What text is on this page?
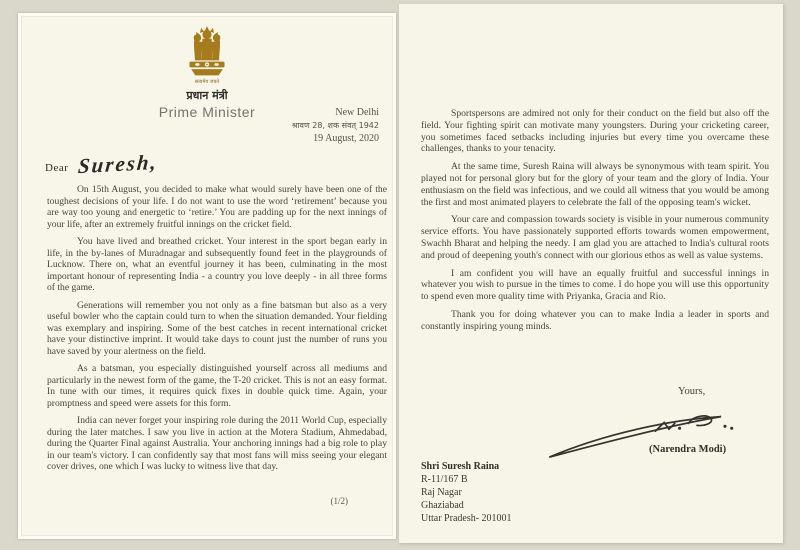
सत्यमेव जयते
प्रधान मंत्री
Prime Minister	New Delhi
श्रावण 28, शक संवत् 1942
19 August, 2020
Dear Suresh,

On 15th August, you decided to make what would surely have been one of the toughest decisions of your life. I do not want to use the word ‘retirement’ because you are way too young and energetic to ‘retire.’ You are padding up for the next innings of your life, after an extremely fruitful innings on the cricket field.

You have lived and breathed cricket. Your interest in the sport began early in life, in the by-lanes of Muradnagar and subsequently found feet in the playgrounds of Lucknow. There on, what an eventful journey it has been, culminating in the most important honour of representing India - a country you love deeply - in all three forms of the game.

Generations will remember you not only as a fine batsman but also as a very useful bowler who the captain could turn to when the situation demanded. Your fielding was exemplary and inspiring. Some of the best catches in recent international cricket have your distinctive imprint. It would take days to count just the number of runs you have saved by your alertness on the field.

As a batsman, you especially distinguished yourself across all mediums and particularly in the newest form of the game, the T-20 cricket. This is not an easy format. In tune with our times, it requires quick fixes in double quick time. Again, your promptness and speed were assets for this form.

India can never forget your inspiring role during the 2011 World Cup, especially during the later matches. I saw you live in action at the Motera Stadium, Ahmedabad, during the Quarter Final against Australia. Your anchoring innings had a big role to play in our team's victory. I can confidently say that most fans will miss seeing your elegant cover drives, one which I was lucky to witness live that day.

(1/2)

Sportspersons are admired not only for their conduct on the field but also off the field. Your fighting spirit can motivate many youngsters. During your cricketing career, you sometimes faced setbacks including injuries but every time you overcame these challenges, thanks to your tenacity.

At the same time, Suresh Raina will always be synonymous with team spirit. You played not for personal glory but for the glory of your team and the glory of India. Your enthusiasm on the field was infectious, and we could all witness that you would be among the first and most animated players to celebrate the fall of the opposing team's wicket.

Your care and compassion towards society is visible in your numerous community service efforts. You have passionately supported efforts towards women empowerment, Swachh Bharat and helping the needy. I am glad you are attached to India's cultural roots and proud of deepening youth's connect with our glorious ethos as well as value systems.

I am confident you will have an equally fruitful and successful innings in whatever you wish to pursue in the times to come. I do hope you will use this opportunity to spend even more quality time with Priyanka, Gracia and Rio.

Thank you for doing whatever you can to make India a leader in sports and constantly inspiring young minds.

Yours,
(Narendra Modi)
Shri Suresh Raina
R-11/167 B
Raj Nagar
Ghaziabad
Uttar Pradesh- 201001
